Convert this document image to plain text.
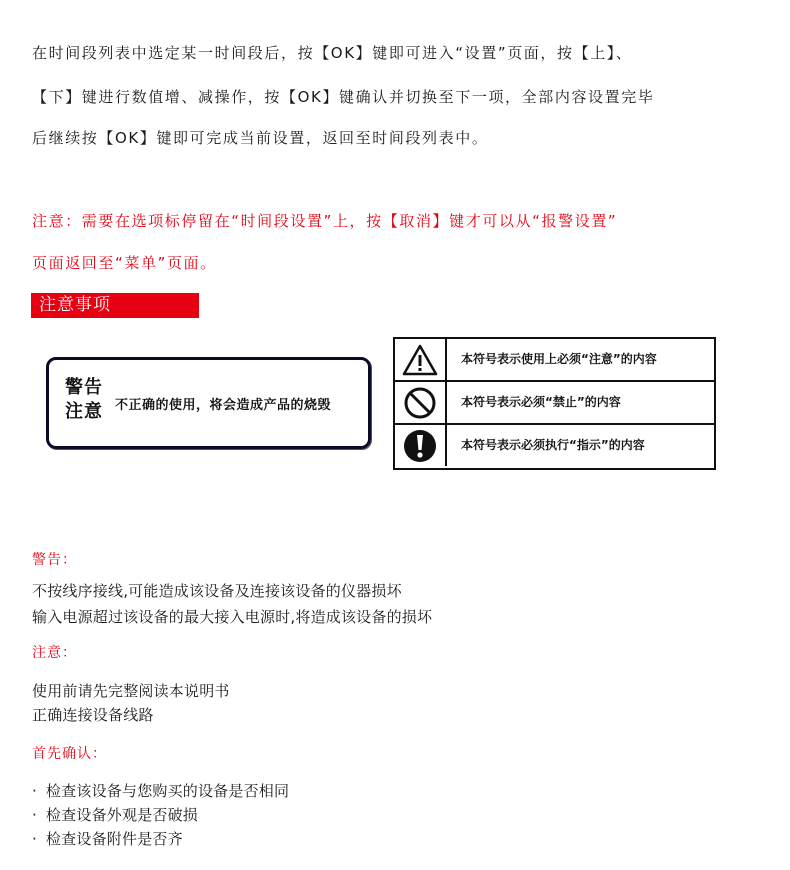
在时间段列表中选定某一时间段后，按【OK】键即可进入“设置”页面，按【上】、
【下】键进行数值增、减操作，按【OK】键确认并切换至下一项，全部内容设置完毕
后继续按【OK】键即可完成当前设置，返回至时间段列表中。
注意：需要在选项标停留在“时间段设置”上，按【取消】键才可以从“报警设置”
页面返回至“菜单”页面。
注意事项
警告
注意 不正确的使用，将会造成产品的烧毁
本符号表示使用上必须“注意”的内容
本符号表示必须“禁止”的内容
本符号表示必须执行“指示”的内容
警告：
不按线序接线,可能造成该设备及连接该设备的仪器损坏
输入电源超过该设备的最大接入电源时,将造成该设备的损坏
注意：
使用前请先完整阅读本说明书
正确连接设备线路
首先确认：
· 检查该设备与您购买的设备是否相同
· 检查设备外观是否破损
· 检查设备附件是否齐
